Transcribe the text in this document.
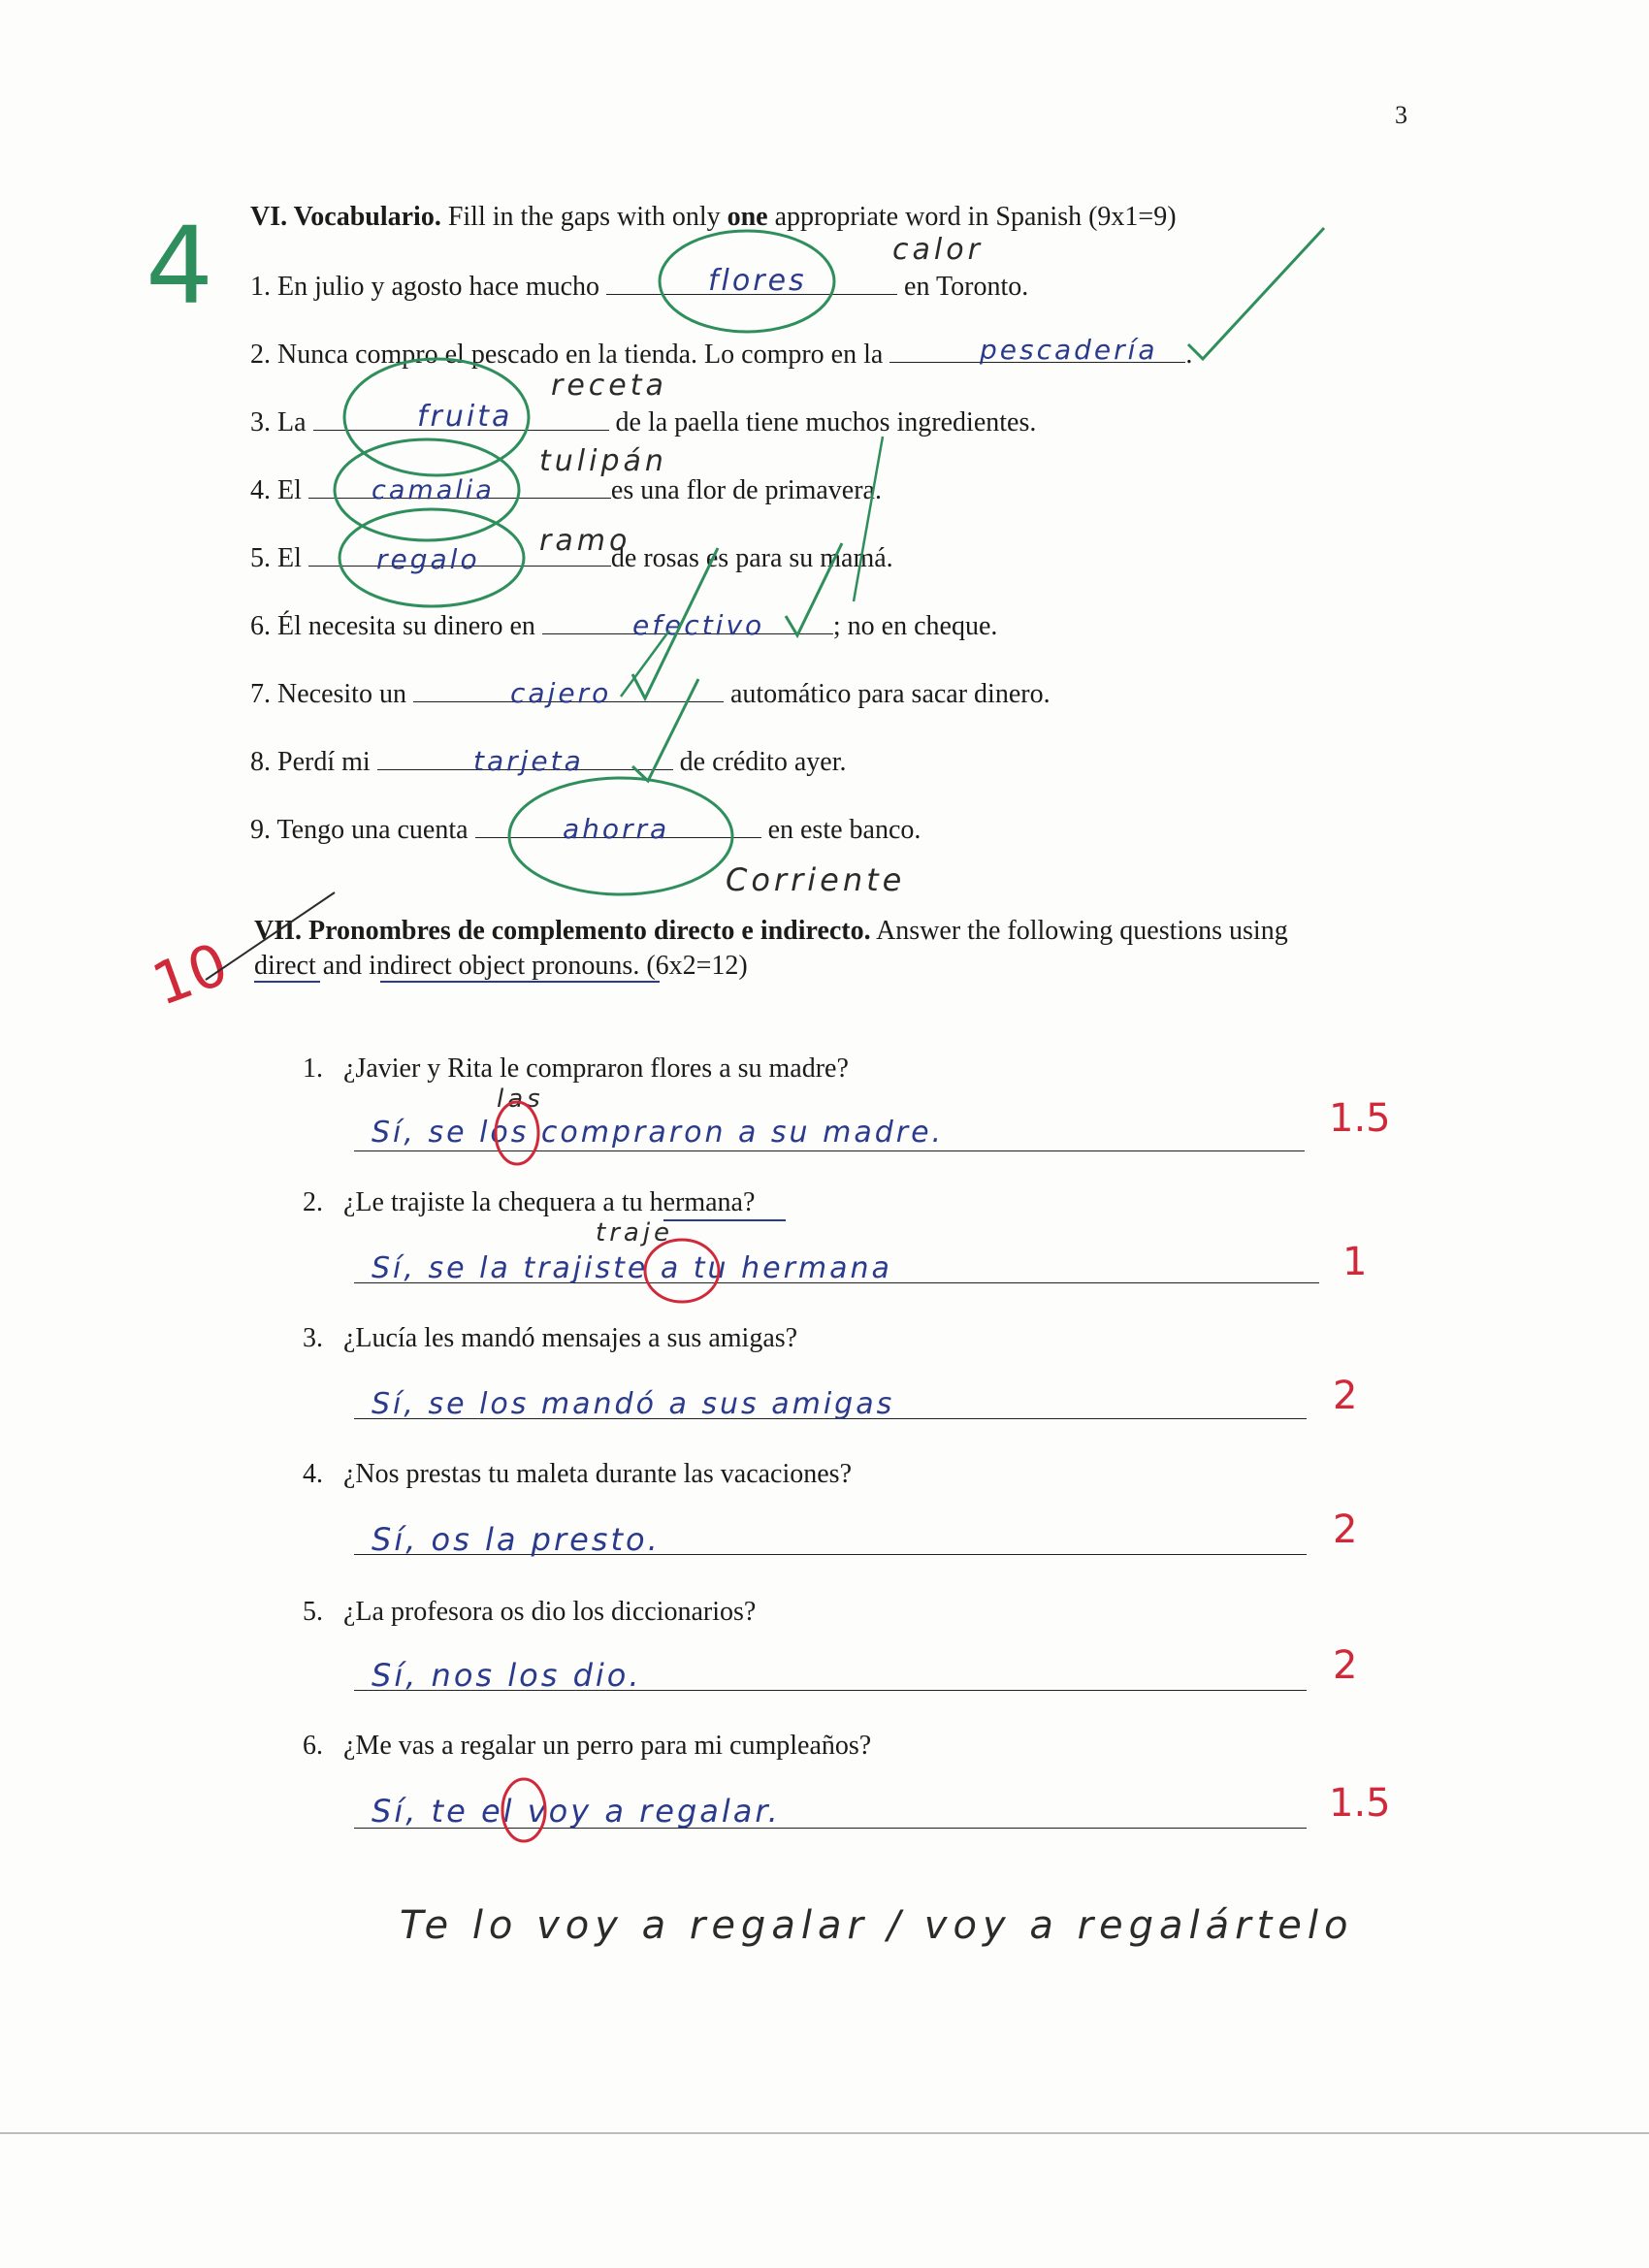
3
VI. Vocabulario. Fill in the gaps with only one appropriate word in Spanish (9x1=9)
4 1. En julio y agosto hace mucho	en Toronto.
flores
calor
2. Nunca compro el pescado en la tienda. Lo compro en la	.
pescadería
3. La	de la paella tiene muchos ingredientes.
fruita
receta
4. El	es una flor de primavera.
camalia
tulipán
5. El	de rosas es para su mamá.
regalo
ramo
6. Él necesita su dinero en	; no en cheque.
efectivo
7. Necesito un	automático para sacar dinero.
cajero
8. Perdí mi	de crédito ayer.
tarjeta
9. Tengo una cuenta	en este banco.
ahorra
Corriente
VII. Pronombres de complemento directo e indirecto. Answer the following questions using
direct and indirect object pronouns. (6x2=12)
10
1. ¿Javier y Rita le compraron flores a su madre?
Sí, se los compraron a su madre.
las	1.5
2. ¿Le trajiste la chequera a tu hermana?
Sí, se la trajiste a tu hermana
traje
1
3. ¿Lucía les mandó mensajes a sus amigas?
Sí, se los mandó a sus amigas	2
4. ¿Nos prestas tu maleta durante las vacaciones?
Sí, os la presto.	2
5. ¿La profesora os dio los diccionarios?
Sí, nos los dio.	2
6. ¿Me vas a regalar un perro para mi cumpleaños?
Sí, te el voy a regalar.	1.5
Te lo voy a regalar / voy a regalártelo
